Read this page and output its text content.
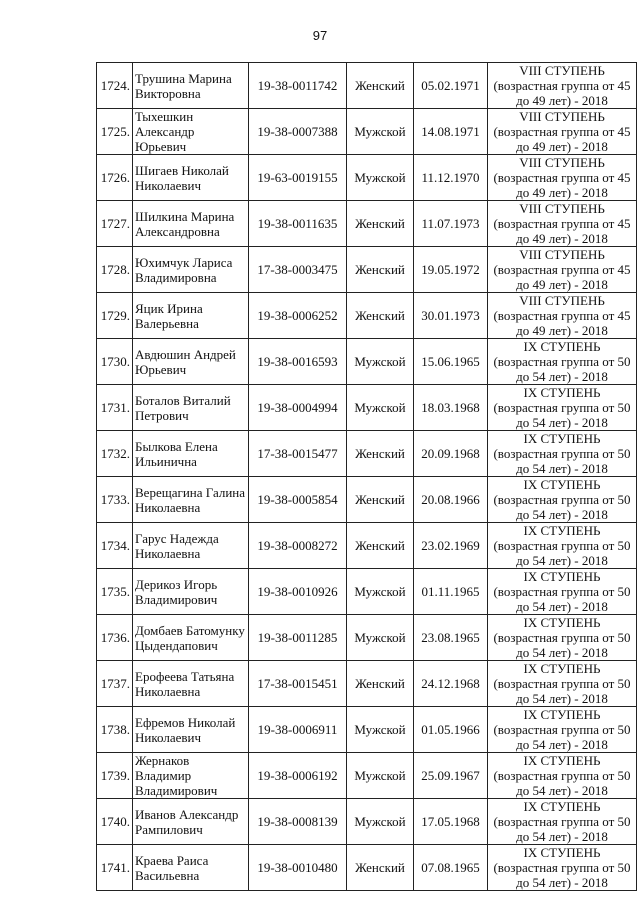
97
1724.	Трушина Марина Викторовна	19-38-0011742	Женский	05.02.1971	VIII СТУПЕНЬ
(возрастная группа от 45
до 49 лет) - 2018

1725.	Тыхешкин Александр Юрьевич	19-38-0007388	Мужской	14.08.1971	VIII СТУПЕНЬ
(возрастная группа от 45
до 49 лет) - 2018

1726.	Шигаев Николай Николаевич	19-63-0019155	Мужской	11.12.1970	VIII СТУПЕНЬ
(возрастная группа от 45
до 49 лет) - 2018

1727.	Шилкина Марина Александровна	19-38-0011635	Женский	11.07.1973	VIII СТУПЕНЬ
(возрастная группа от 45
до 49 лет) - 2018

1728.	Юхимчук Лариса Владимировна	17-38-0003475	Женский	19.05.1972	VIII СТУПЕНЬ
(возрастная группа от 45
до 49 лет) - 2018

1729.	Яцик Ирина Валерьевна	19-38-0006252	Женский	30.01.1973	VIII СТУПЕНЬ
(возрастная группа от 45
до 49 лет) - 2018

1730.	Авдюшин Андрей Юрьевич	19-38-0016593	Мужской	15.06.1965	IX СТУПЕНЬ
(возрастная группа от 50
до 54 лет) - 2018

1731.	Боталов Виталий Петрович	19-38-0004994	Мужской	18.03.1968	IX СТУПЕНЬ
(возрастная группа от 50
до 54 лет) - 2018

1732.	Былкова Елена Ильинична	17-38-0015477	Женский	20.09.1968	IX СТУПЕНЬ
(возрастная группа от 50
до 54 лет) - 2018

1733.	Верещагина Галина Николаевна	19-38-0005854	Женский	20.08.1966	IX СТУПЕНЬ
(возрастная группа от 50
до 54 лет) - 2018

1734.	Гарус Надежда Николаевна	19-38-0008272	Женский	23.02.1969	IX СТУПЕНЬ
(возрастная группа от 50
до 54 лет) - 2018

1735.	Дерикоз Игорь Владимирович	19-38-0010926	Мужской	01.11.1965	IX СТУПЕНЬ
(возрастная группа от 50
до 54 лет) - 2018

1736.	Домбаев Батомунку Цыдендапович	19-38-0011285	Мужской	23.08.1965	IX СТУПЕНЬ
(возрастная группа от 50
до 54 лет) - 2018

1737.	Ерофеева Татьяна Николаевна	17-38-0015451	Женский	24.12.1968	IX СТУПЕНЬ
(возрастная группа от 50
до 54 лет) - 2018

1738.	Ефремов Николай Николаевич	19-38-0006911	Мужской	01.05.1966	IX СТУПЕНЬ
(возрастная группа от 50
до 54 лет) - 2018

1739.	Жернаков Владимир Владимирович	19-38-0006192	Мужской	25.09.1967	IX СТУПЕНЬ
(возрастная группа от 50
до 54 лет) - 2018

1740.	Иванов Александр Рампилович	19-38-0008139	Мужской	17.05.1968	IX СТУПЕНЬ
(возрастная группа от 50
до 54 лет) - 2018

1741.	Краева Раиса Васильевна	19-38-0010480	Женский	07.08.1965	IX СТУПЕНЬ
(возрастная группа от 50
до 54 лет) - 2018
